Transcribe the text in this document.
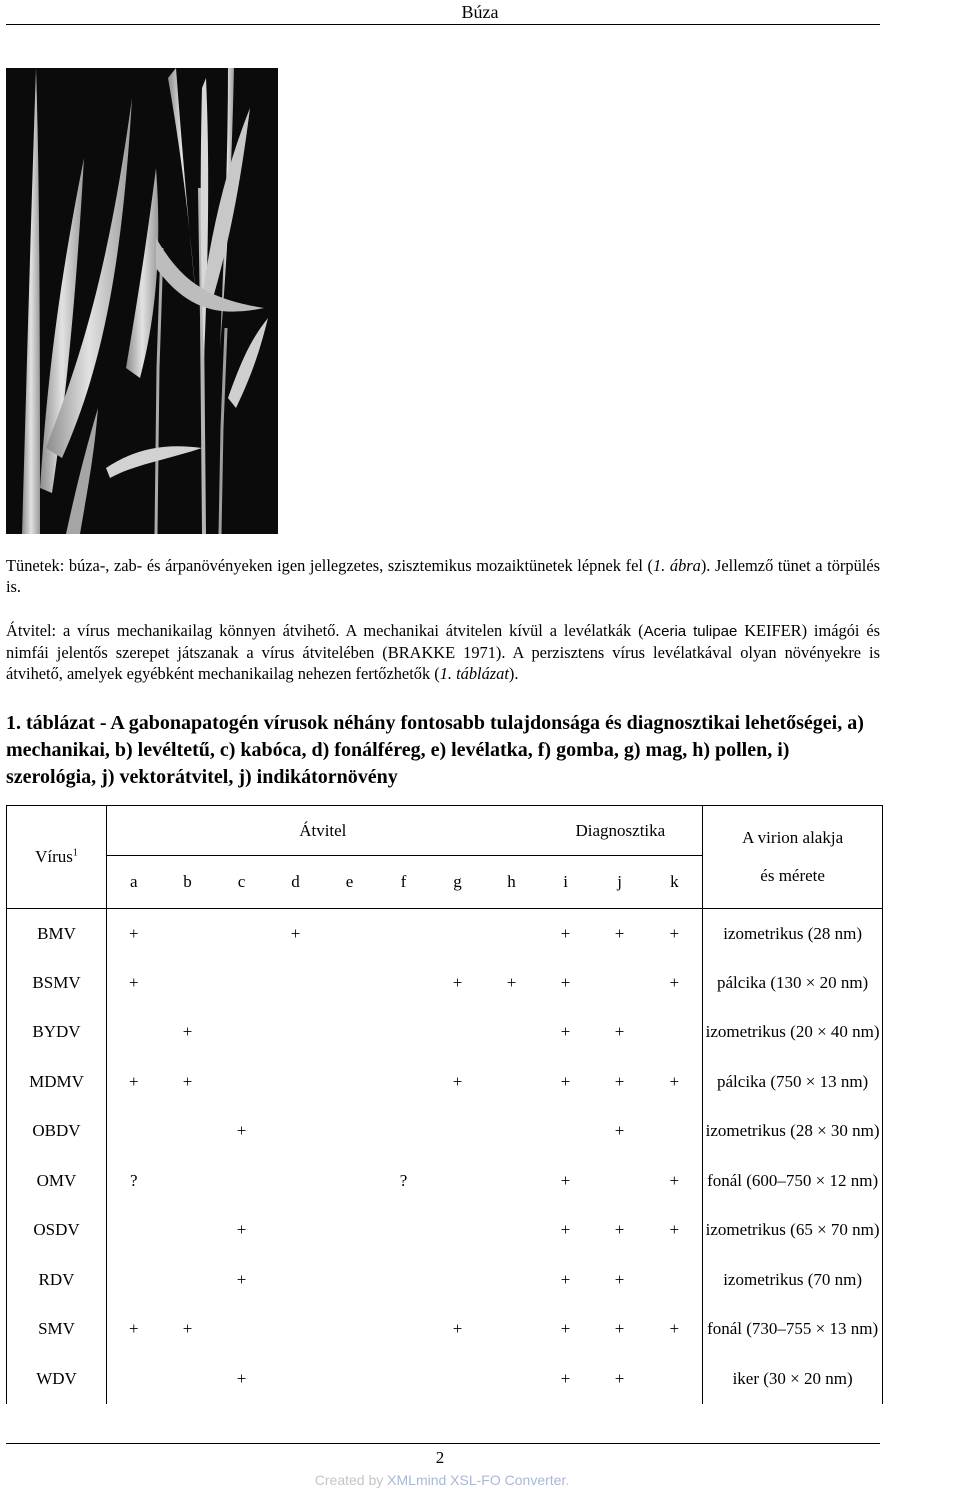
Búza

Tünetek: búza-, zab- és árpanövényeken igen jellegzetes, szisztemikus mozaiktünetek lépnek fel (1. ábra). Jellemző tünet a törpülés is.

Átvitel: a vírus mechanikailag könnyen átvihető. A mechanikai átvitelen kívül a levélatkák (Aceria tulipae KEIFER) imágói és nimfái jelentős szerepet játszanak a vírus átvitelében (BRAKKE 1971). A perzisztens vírus levélatkával olyan növényekre is átvihető, amelyek egyébként mechanikailag nehezen fertőzhetők (1. táblázat).

1. táblázat - A gabonapatogén vírusok néhány fontosabb tulajdonsága és diagnosztikai lehetőségei, a) mechanikai, b) levéltetű, c) kabóca, d) fonálféreg, e) levélatka, f) gomba, g) mag, h) pollen, i) szerológia, j) vektorátvitel, j) indikátornövény

Vírus$^1$	Átvitel								Diagnosztika			A virion alakja
	a	b	c	d	e	f	g	h	i	j	k	és mérete
BMV	+			+					+	+	+	izometrikus (28 nm)
BSMV	+						+	+	+		+	pálcika (130 × 20 nm)
BYDV		+							+	+		izometrikus (20 × 40 nm)
MDMV	+	+					+		+	+	+	pálcika (750 × 13 nm)
OBDV			+							+		izometrikus (28 × 30 nm)
OMV	?					?			+		+	fonál (600–750 × 12 nm)
OSDV			+						+	+	+	izometrikus (65 × 70 nm)
RDV			+						+	+		izometrikus (70 nm)
SMV	+	+					+		+	+	+	fonál (730–755 × 13 nm)
WDV			+						+	+		iker (30 × 20 nm)
2
Created by XMLmind XSL-FO Converter.
